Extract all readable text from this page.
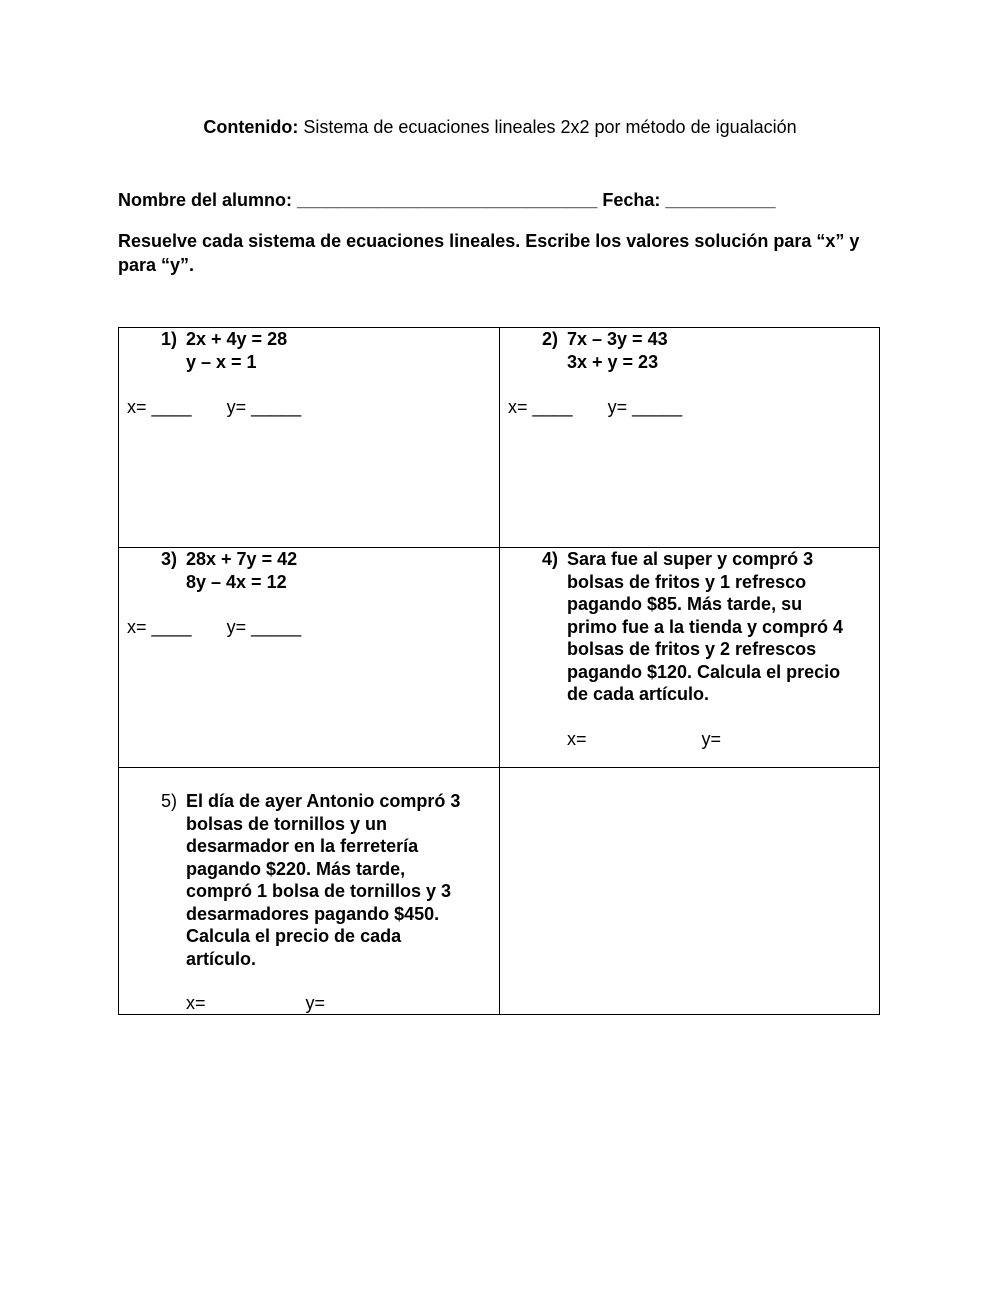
Contenido: Sistema de ecuaciones lineales 2x2 por método de igualación
Nombre del alumno: ______________________________ Fecha: ___________
Resuelve cada sistema de ecuaciones lineales. Escribe los valores solución para “x” y para “y”.
1) 2x + 4y = 28
y – x = 1
x= ____       y= _____
2) 7x – 3y = 43
3x + y = 23
x= ____       y= _____
3) 28x + 7y = 42
8y – 4x = 12
x= ____       y= _____
4) Sara fue al super y compró 3
bolsas de fritos y 1 refresco
pagando $85. Más tarde, su
primo fue a la tienda y compró 4
bolsas de fritos y 2 refrescos
pagando $120. Calcula el precio
de cada artículo.
x=                       y=
5) El día de ayer Antonio compró 3
bolsas de tornillos y un
desarmador en la ferretería
pagando $220. Más tarde,
compró 1 bolsa de tornillos y 3
desarmadores pagando $450.
Calcula el precio de cada
artículo.
x=                    y=
